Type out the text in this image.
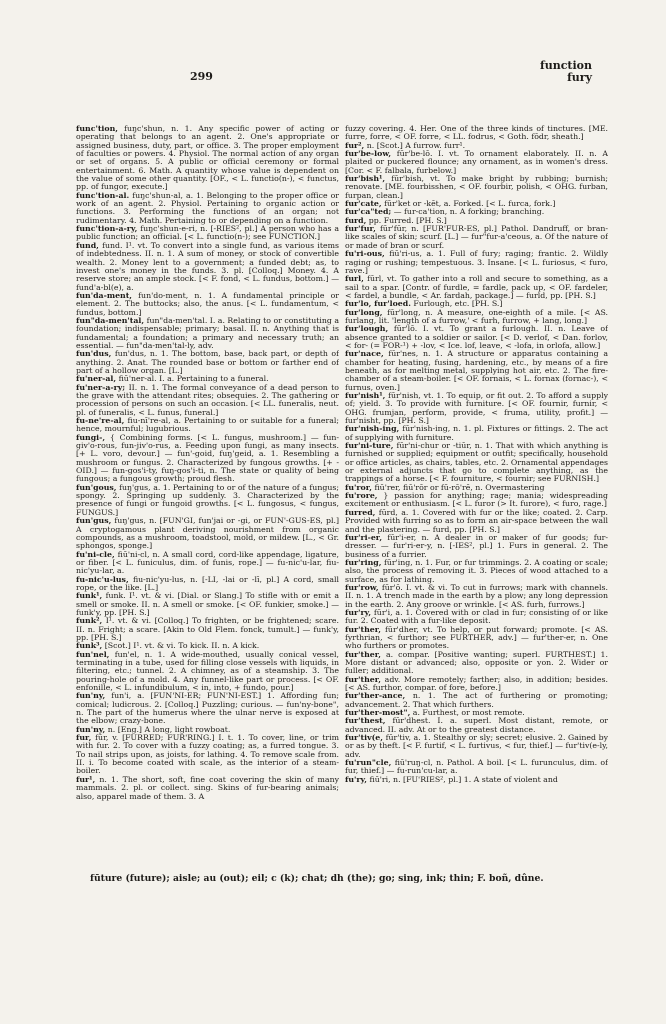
299
function
fury
func'tion, fuŋc'shun, n. 1. Any specific power of acting or operating that belongs to an agent. 2. One's appropriate or assigned business, duty, part, or office. 3. The proper employment of faculties or powers. 4. Physiol. The normal action of any organ or set of organs. 5. A public or official ceremony or formal entertainment. 6. Math. A quantity whose value is dependent on the value of some other quantity. [OF., < L. functio(n-), < functus, pp. of fungor, execute.]
func'tion-al. fuŋc'shun-al, a. 1. Belonging to the proper office or work of an agent. 2. Physiol. Pertaining to organic action or functions. 3. Performing the functions of an organ; not rudimentary. 4. Math. Pertaining to or depending on a function.
func'tion-a-ry, fuŋc'shun-e-ri, n. [-RIES², pl.] A person who has a public function; an official. [< L. functio(n-); see FUNCTION.]
fund, fund. I¹. vt. To convert into a single fund, as various items of indebtedness. II. n. 1. A sum of money, or stock of convertible wealth. 2. Money lent to a government; a funded debt; as, to invest one's money in the funds. 3. pl. [Colloq.] Money. 4. A reserve store; an ample stock. [< F. fond, < L. fundus, bottom.] — fund'a-bl(e), a.
fun'da-ment, fun'do-ment, n. 1. A fundamental principle or element. 2. The buttocks; also, the anus. [< L. fundamentum, < fundus, bottom.]
fun"da-men'tal, fun"da-men'tal. I. a. Relating to or constituting a foundation; indispensable; primary; basal. II. n. Anything that is fundamental; a foundation; a primary and necessary truth; an essential. — fun"da-men'tal-ly, adv.
fun'dus, fun'dus, n. 1. The bottom, base, back part, or depth of anything. 2. Anat. The rounded base or bottom or farther end of part of a hollow organ. [L.]
fu'ner-al, fiū'ner-al. I. a. Pertaining to a funeral.
fu'ner-a-ry; II. n. 1. The formal conveyance of a dead person to the grave with the attendant rites; obsequies. 2. The gathering or procession of persons on such an occasion. [< LL. funeralis, neut. pl. of funeralis, < L. funus, funeral.]
fu-ne're-al, fiu-nī're-al, a. Pertaining to or suitable for a funeral; hence, mournful; lugubrious.
fungi-, { Combining forms. [< L. fungus, mushroom.] — fun-giv'o-rous, fun-jiv'o-rus, a. Feeding upon fungi, as many insects. [+ L. voro, devour.] — fun'-goid, fuŋ'geid, a. 1. Resembling a mushroom or fungus. 2. Characterized by fungous growths. [+ -OID.] — fun-gos'i-ty, fuŋ-gos'i-ti, n. The state or quality of being fungous; a fungous growth; proud flesh.
fun'gous, fuŋ'gus, a. 1. Pertaining to or of the nature of a fungus; spongy. 2. Springing up suddenly. 3. Characterized by the presence of fungi or fungoid growths. [< L. fungosus, < fungus, FUNGUS.]
fun'gus, fuŋ'gus, n. [FUN'GI, fun'jai or -gi, or FUN'-GUS-ES, pl.] A cryptogamous plant deriving nourishment from organic compounds, as a mushroom, toadstool, mold, or mildew. [L., < Gr. sphongos, sponge.]
fu'ni-cle, fiū'ni-cl, n. A small cord, cord-like appendage, ligature, or fiber. [< L. funiculus, dim. of funis, rope.] — fu-nic'u-lar, fiu-nic'yu-lar, a.
fu-nic'u-lus, fiu-nic'yu-lus, n. [-LI, -lai or -lī, pl.] A cord, small rope, or the like. [L.]
funk¹, funk. I¹. vt. & vi. [Dial. or Slang.] To stifle with or emit a smell or smoke. II. n. A smell or smoke. [< OF. funkier, smoke.] — funk'y, pp. [PH. S.]
funk², I¹. vt. & vi. [Colloq.] To frighten, or be frightened; scare. II. n. Fright; a scare. [Akin to Old Flem. fonck, tumult.] — funk'y, pp. [PH. S.]
funk³, [Scot.] I¹. vt. & vi. To kick. II. n. A kick.
fun'nel, fun'el, n. 1. A wide-mouthed, usually conical vessel, terminating in a tube, used for filling close vessels with liquids, in filtering, etc.; tunnel. 2. A chimney, as of a steamship. 3. The pouring-hole of a mold. 4. Any funnel-like part or process. [< OF. enfonille, < L. infundibulum, < in, into, + fundo, pour.]
fun'ny, fun'i, a. [FUN'NI-ER; FUN'NI-EST.] 1. Affording fun; comical; ludicrous. 2. [Colloq.] Puzzling; curious. — fun'ny-bone", n. The part of the humerus where the ulnar nerve is exposed at the elbow; crazy-bone.
fun'ny, n. [Eng.] A long, light rowboat.
fur, fūr, v. [FURRED; FUR'RING.] I. t. 1. To cover, line, or trim with fur. 2. To cover with a fuzzy coating; as, a furred tongue. 3. To nail strips upon, as joists, for lathing. 4. To remove scale from. II. i. To become coated with scale, as the interior of a steam-boiler.
fur¹, n. 1. The short, soft, fine coat covering the skin of many mammals. 2. pl. or collect. sing. Skins of fur-bearing animals; also, apparel made of them. 3. A
fuzzy covering. 4. Her. One of the three kinds of tinctures. [ME. furre, forre, < OF. forre, < LL. fodrus, < Goth. fōdr, sheath.]
fur², n. [Scot.] A furrow. furr¹.
fur'be-low, fūr'be-lō. I. vt. To ornament elaborately. II. n. A plaited or puckered flounce; any ornament, as in women's dress. [Cor. < F. falbala, furbelow.]
fur'bish¹, fūr'bish, vt. To make bright by rubbing; burnish; renovate. [ME. fourbisshen, < OF. fourbir, polish, < OHG. furban, furpan, clean.]
fur'cate, fūr'ket or -kēt, a. Forked. [< L. furca, fork.]
fur'ca"ted; — fur-ca'tion, n. A forking; branching.
furd, pp. Furred. [PH. S.]
fur'fur, fūr'fūr, n. [FUR'FUR-ES, pl.] Pathol. Dandruff, or bran-like scales of skin; scurf. [L.] — fur"fur-a'ceous, a. Of the nature of or made of bran or scurf.
fu'ri-ous, fiū'ri-us, a. 1. Full of fury; raging; frantic. 2. Wildly raging or rushing; tempestuous. 3. Insane. [< L. furiosus, < furo, rave.]
furl, fūrl, vt. To gather into a roll and secure to something, as a sail to a spar. [Contr. of furdle, = fardle, pack up, < OF. fardeler, < fardel, a bundle, < Ar. fardah, package.] — furld, pp. [PH. S.]
fur'lo, fur'loed. Furlough, etc. [PH. S.]
fur'long, fūr'long, n. A measure, one-eighth of a mile. [< AS. furlang, lit. 'length of a furrow,' < furh, furrow, + lang, long.]
fur'lough, fūr'lō. I. vt. To grant a furlough. II. n. Leave of absence granted to a soldier or sailor. [< D. verlof, < Dan. forlov, < for- (= FOR-¹) + -lov, < Ice. lof, leave, < -lofa, in orlofa, allow.]
fur'nace, fūr'nes, n. 1. A structure or apparatus containing a chamber for heating, fusing, hardening, etc., by means of a fire beneath, as for melting metal, supplying hot air, etc. 2. The fire-chamber of a steam-boiler. [< OF. fornais, < L. fornax (fornac-), < furnus, oven.]
fur'nish¹, fūr'nish, vt. 1. To equip, or fit out. 2. To afford a supply of; yield. 3. To provide with furniture. [< OF. fournir, furnir, < OHG. frumjan, perform, provide, < fruma, utility, profit.] — fur'nisht, pp. [PH. S.]
fur'nish-ing, fūr'nish-ing, n. 1. pl. Fixtures or fittings. 2. The act of supplying with furniture.
fur'ni-ture, fūr'ni-chur or -tiūr, n. 1. That with which anything is furnished or supplied; equipment or outfit; specifically, household or office articles, as chairs, tables, etc. 2. Ornamental appendages or external adjuncts that go to complete anything, as the trappings of a horse. [< F. fourniture, < fournir; see FURNISH.]
fu'ror, fiū'rer, fiū'rōr or fū-rō'rē, n. Overmastering
fu'rore, } passion for anything; rage; mania; widespreading excitement or enthusiasm. [< L. furor (> It. furore), < furo, rage.]
furred, fūrd, a. 1. Covered with fur or the like; coated. 2. Carp. Provided with furring so as to form an air-space between the wall and the plastering. — furd, pp. [PH. S.]
fur'ri-er, fūr'i-er, n. A dealer in or maker of fur goods; fur-dresser. — fur'ri-er-y, n. [-IES², pl.] 1. Furs in general. 2. The business of a furrier.
fur'ring, fūr'ing, n. 1. Fur, or fur trimmings. 2. A coating or scale; also, the process of removing it. 3. Pieces of wood attached to a surface, as for lathing.
fur'row, fūr'ō. I. vt. & vi. To cut in furrows; mark with channels. II. n. 1. A trench made in the earth by a plow; any long depression in the earth. 2. Any groove or wrinkle. [< AS. furh, furrows.]
fur'ry, fūr'i, a. 1. Covered with or clad in fur; consisting of or like fur. 2. Coated with a fur-like deposit.
fur'ther, fūr'dher, vt. To help, or put forward; promote. [< AS. fyrthrian, < furthor; see FURTHER, adv.] — fur'ther-er, n. One who furthers or promotes.
fur'ther, a. compar. [Positive wanting; superl. FURTHEST.] 1. More distant or advanced; also, opposite or yon. 2. Wider or fuller; additional.
fur'ther, adv. More remotely; farther; also, in addition; besides. [< AS. furthor, compar. of fore, before.]
fur'ther-ance, n. 1. The act of furthering or promoting; advancement. 2. That which furthers.
fur'ther-most", a. Furthest, or most remote.
fur'thest, fūr'dhest. I. a. superl. Most distant, remote, or advanced. II. adv. At or to the greatest distance.
fur'tiv(e, fūr'tiv, a. 1. Stealthy or sly; secret; elusive. 2. Gained by or as by theft. [< F. furtif, < L. furtivus, < fur, thief.] — fur'tiv(e-ly, adv.
fu'run"cle, fiū'ruŋ-cl, n. Pathol. A boil. [< L. furunculus, dim. of fur, thief.] — fu-run'cu-lar, a.
fu'ry, fiū'ri, n. [FU'RIES², pl.] 1. A state of violent and
fūture (future); aisle; au (out); eil; c (k); chat; dh (the); go; sing, ink; thin; F. boñ, dûne.
